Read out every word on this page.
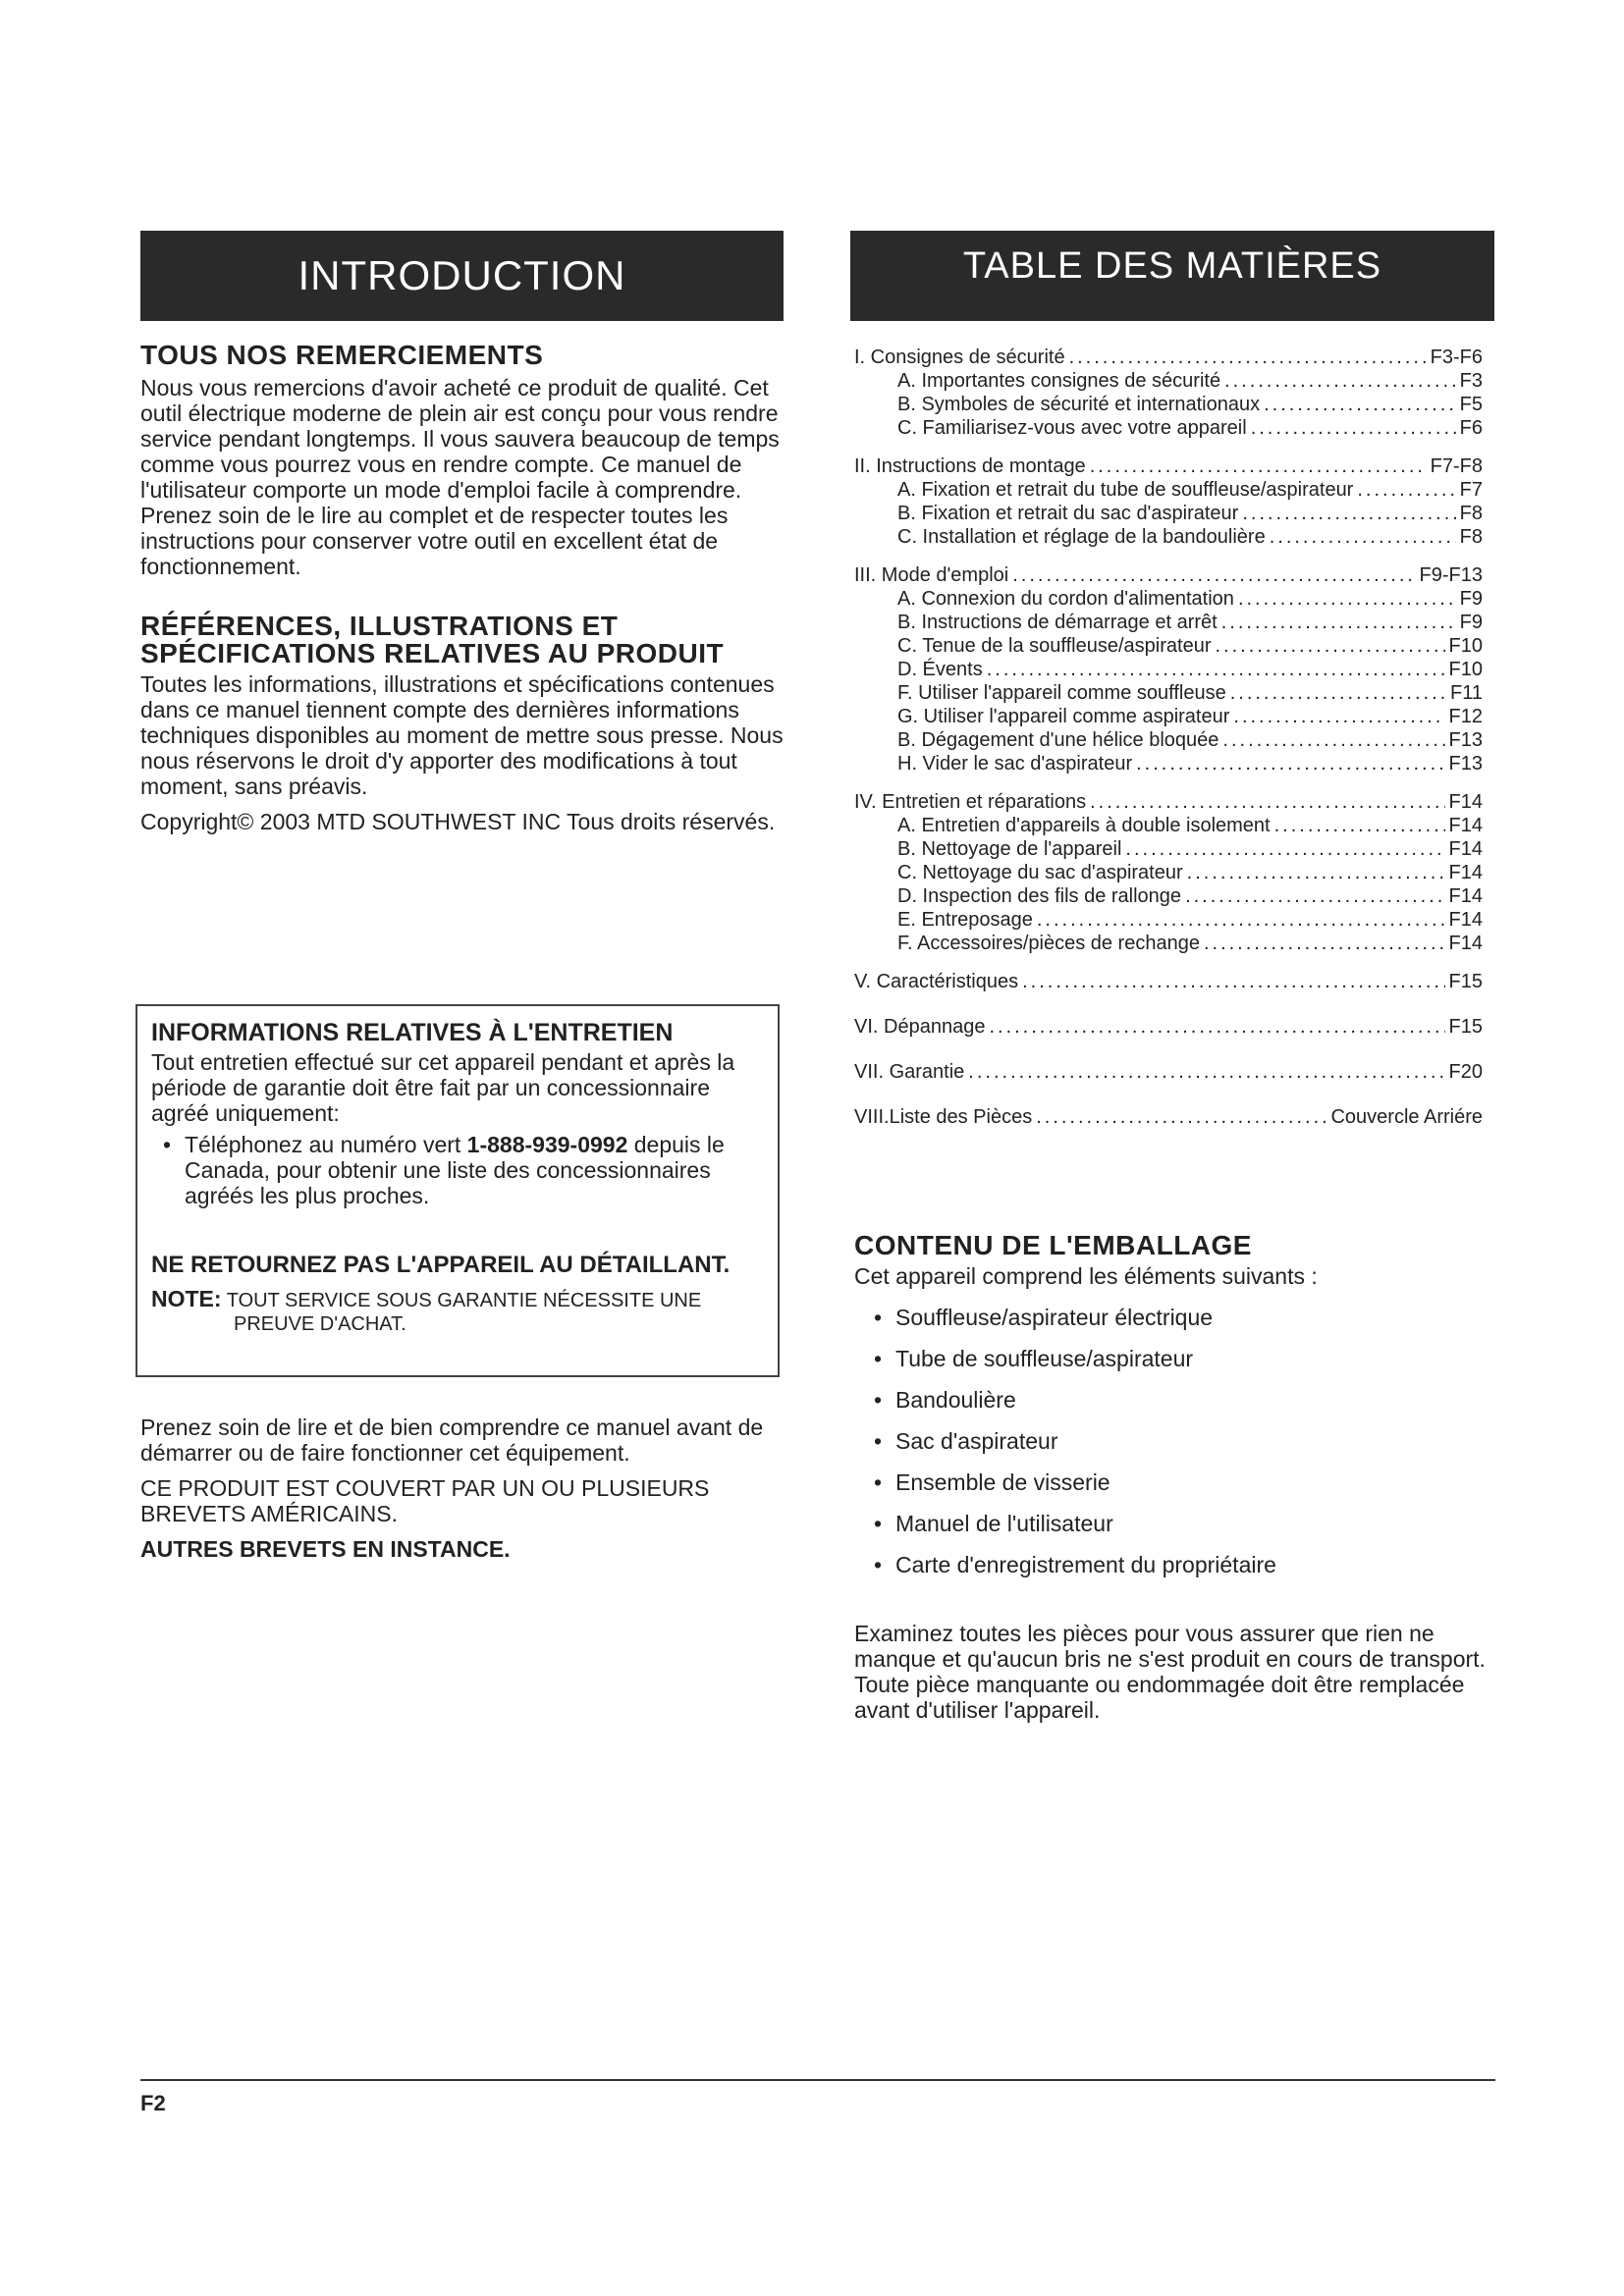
INTRODUCTION	TABLE DES MATIÈRES
TOUS NOS REMERCIEMENTS

Nous vous remercions d'avoir acheté ce produit de qualité. Cet outil électrique moderne de plein air est conçu pour vous rendre service pendant longtemps. Il vous sauvera beaucoup de temps comme vous pourrez vous en rendre compte. Ce manuel de l'utilisateur comporte un mode d'emploi facile à comprendre. Prenez soin de le lire au complet et de respecter toutes les instructions pour conserver votre outil en excellent état de fonctionnement.

RÉFÉRENCES, ILLUSTRATIONS ET
SPÉCIFICATIONS RELATIVES AU PRODUIT

Toutes les informations, illustrations et spécifications contenues dans ce manuel tiennent compte des dernières informations techniques disponibles au moment de mettre sous presse. Nous nous réservons le droit d'y apporter des modifications à tout moment, sans préavis.

Copyright© 2003 MTD SOUTHWEST INC Tous droits réservés.

INFORMATIONS RELATIVES À L'ENTRETIEN

Tout entretien effectué sur cet appareil pendant et après la période de garantie doit être fait par un concessionnaire agréé uniquement:

• Téléphonez au numéro vert 1-888-939-0992 depuis le Canada, pour obtenir une liste des concessionnaires agréés les plus proches.
NE RETOURNEZ PAS L'APPAREIL AU DÉTAILLANT.
NOTE: TOUT SERVICE SOUS GARANTIE NÉCESSITE UNE
PREUVE D'ACHAT.

Prenez soin de lire et de bien comprendre ce manuel avant de démarrer ou de faire fonctionner cet équipement.

CE PRODUIT EST COUVERT PAR UN OU PLUSIEURS BREVETS AMÉRICAINS.

AUTRES BREVETS EN INSTANCE.

I. Consignes de sécurité .....	F3-F6
A. Importantes consignes de sécurité .....	F3
B. Symboles de sécurité et internationaux .....	F5
C. Familiarisez-vous avec votre appareil .....	F6
II. Instructions de montage .....	F7-F8
A. Fixation et retrait du tube de souffleuse/aspirateur .....	F7
B. Fixation et retrait du sac d'aspirateur .....	F8
C. Installation et réglage de la bandoulière .....	F8
III. Mode d'emploi .....	F9-F13
A. Connexion du cordon d'alimentation .....	F9
B. Instructions de démarrage et arrêt .....	F9
C. Tenue de la souffleuse/aspirateur .....	F10
D. Évents .....	F10
F. Utiliser l'appareil comme souffleuse .....	F11
G. Utiliser l'appareil comme aspirateur .....	F12
B. Dégagement d'une hélice bloquée .....	F13
H. Vider le sac d'aspirateur .....	F13
IV. Entretien et réparations .....	F14
A. Entretien d'appareils à double isolement .....	F14
B. Nettoyage de l'appareil .....	F14
C. Nettoyage du sac d'aspirateur .....	F14
D. Inspection des fils de rallonge .....	F14
E. Entreposage .....	F14
F. Accessoires/pièces de rechange .....	F14
V. Caractéristiques .....	F15
VI. Dépannage .....	F15
VII. Garantie .....	F20
VIII.Liste des Pièces .....	Couvercle Arriére
CONTENU DE L'EMBALLAGE

Cet appareil comprend les éléments suivants :

• Souffleuse/aspirateur électrique
• Tube de souffleuse/aspirateur
• Bandoulière
• Sac d'aspirateur
• Ensemble de visserie
• Manuel de l'utilisateur
• Carte d'enregistrement du propriétaire

Examinez toutes les pièces pour vous assurer que rien ne manque et qu'aucun bris ne s'est produit en cours de transport. Toute pièce manquante ou endommagée doit être remplacée avant d'utiliser l'appareil.

F2
